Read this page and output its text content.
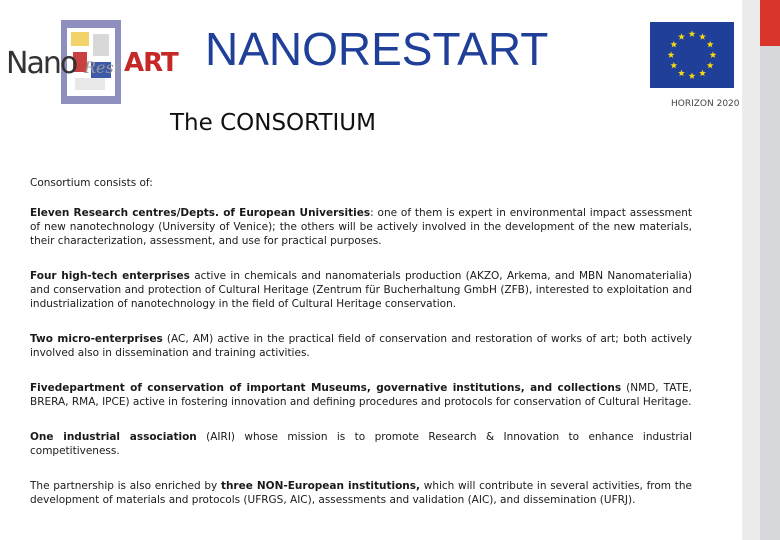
Nano Rest ART NANORESTART
The CONSORTIUM
HORIZON 2020

Consortium consists of:

Eleven Research centres/Depts. of European Universities: one of them is expert in environmental impact assessment of new nanotechnology (University of Venice); the others will be actively involved in the development of the new materials, their characterization, assessment, and use for practical purposes.

Four high-tech enterprises active in chemicals and nanomaterials production (AKZO, Arkema, and MBN Nanomaterialia) and conservation and protection of Cultural Heritage (Zentrum für Bucherhaltung GmbH (ZFB), interested to exploitation and industrialization of nanotechnology in the field of Cultural Heritage conservation.

Two micro-enterprises (AC, AM) active in the practical field of conservation and restoration of works of art; both actively involved also in dissemination and training activities.

Fivedepartment of conservation of important Museums, governative institutions, and collections (NMD, TATE, BRERA, RMA, IPCE) active in fostering innovation and defining procedures and protocols for conservation of Cultural Heritage.

One industrial association (AIRI) whose mission is to promote Research & Innovation to enhance industrial competitiveness.

The partnership is also enriched by three NON-European institutions, which will contribute in several activities, from the development of materials and protocols (UFRGS, AIC), assessments and validation (AIC), and dissemination (UFRJ).
